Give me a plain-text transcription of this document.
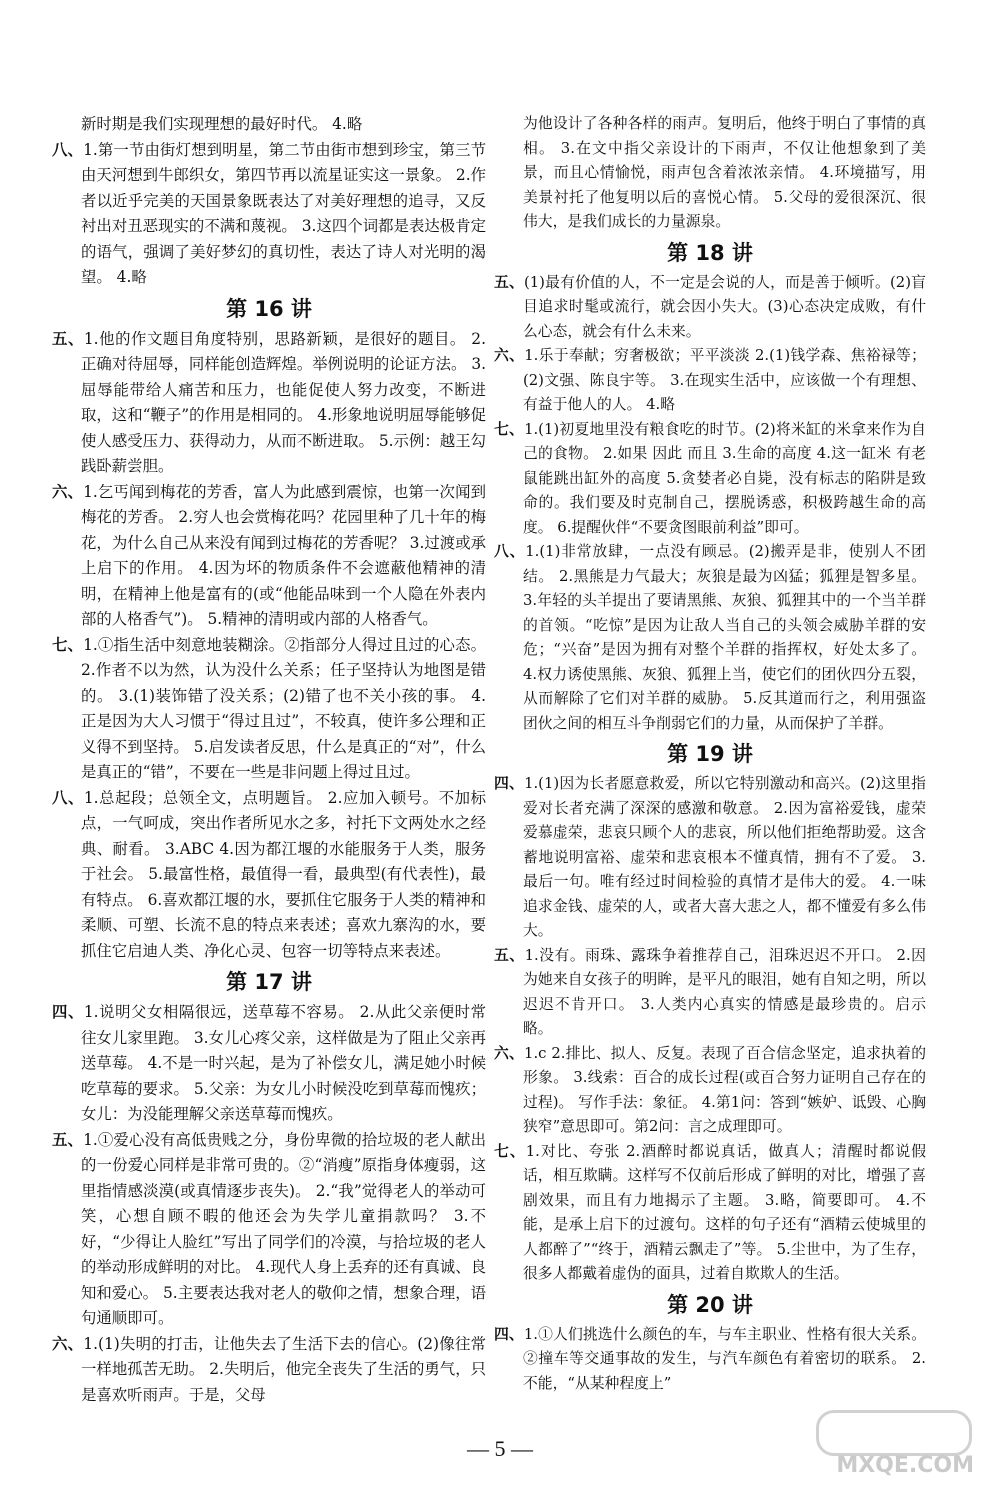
新时期是我们实现理想的最好时代。 4.略

八、1.第一节由街灯想到明星，第二节由街市想到珍宝，第三节由天河想到牛郎织女，第四节再以流星证实这一景象。 2.作者以近乎完美的天国景象既表达了对美好理想的追寻，又反衬出对丑恶现实的不满和蔑视。 3.这四个词都是表达极肯定的语气，强调了美好梦幻的真切性，表达了诗人对光明的渴望。 4.略

第 16 讲

五、1.他的作文题目角度特别，思路新颖，是很好的题目。 2.正确对待屈辱，同样能创造辉煌。举例说明的论证方法。 3.屈辱能带给人痛苦和压力，也能促使人努力改变，不断进取，这和“鞭子”的作用是相同的。 4.形象地说明屈辱能够促使人感受压力、获得动力，从而不断进取。 5.示例：越王勾践卧薪尝胆。

六、1.乞丐闻到梅花的芳香，富人为此感到震惊，也第一次闻到梅花的芳香。 2.穷人也会赏梅花吗？花园里种了几十年的梅花，为什么自己从来没有闻到过梅花的芳香呢？ 3.过渡或承上启下的作用。 4.因为坏的物质条件不会遮蔽他精神的清明，在精神上他是富有的(或“他能品味到一个人隐在外表内部的人格香气”)。 5.精神的清明或内部的人格香气。

七、1.①指生活中刻意地装糊涂。②指部分人得过且过的心态。 2.作者不以为然，认为没什么关系；任子坚持认为地图是错的。 3.(1)装饰错了没关系；(2)错了也不关小孩的事。 4.正是因为大人习惯于“得过且过”，不较真，使许多公理和正义得不到坚持。 5.启发读者反思，什么是真正的“对”，什么是真正的“错”，不要在一些是非问题上得过且过。

八、1.总起段；总领全文，点明题旨。 2.应加入顿号。不加标点，一气呵成，突出作者所见水之多，衬托下文两处水之经典、耐看。 3.ABC 4.因为都江堰的水能服务于人类，服务于社会。 5.最富性格，最值得一看，最典型(有代表性)，最有特点。 6.喜欢都江堰的水，要抓住它服务于人类的精神和柔顺、可塑、长流不息的特点来表述；喜欢九寨沟的水，要抓住它启迪人类、净化心灵、包容一切等特点来表述。

第 17 讲

四、1.说明父女相隔很远，送草莓不容易。 2.从此父亲便时常往女儿家里跑。 3.女儿心疼父亲，这样做是为了阻止父亲再送草莓。 4.不是一时兴起，是为了补偿女儿，满足她小时候吃草莓的要求。 5.父亲：为女儿小时候没吃到草莓而愧疚；女儿：为没能理解父亲送草莓而愧疚。

五、1.①爱心没有高低贵贱之分，身份卑微的拾垃圾的老人献出的一份爱心同样是非常可贵的。②“消瘦”原指身体瘦弱，这里指情感淡漠(或真情逐步丧失)。 2.“我”觉得老人的举动可笑，心想自顾不暇的他还会为失学儿童捐款吗？ 3.不好，“少得让人脸红”写出了同学们的冷漠，与拾垃圾的老人的举动形成鲜明的对比。 4.现代人身上丢弃的还有真诚、良知和爱心。 5.主要表达我对老人的敬仰之情，想象合理，语句通顺即可。

六、1.(1)失明的打击，让他失去了生活下去的信心。(2)像往常一样地孤苦无助。 2.失明后，他完全丧失了生活的勇气，只是喜欢听雨声。于是，父母

为他设计了各种各样的雨声。复明后，他终于明白了事情的真相。 3.在文中指父亲设计的下雨声，不仅让他想象到了美景，而且心情愉悦，雨声包含着浓浓亲情。 4.环境描写，用美景衬托了他复明以后的喜悦心情。 5.父母的爱很深沉、很伟大，是我们成长的力量源泉。

第 18 讲

五、(1)最有价值的人，不一定是会说的人，而是善于倾听。(2)盲目追求时髦或流行，就会因小失大。(3)心态决定成败，有什么心态，就会有什么未来。

六、1.乐于奉献；穷奢极欲；平平淡淡 2.(1)钱学森、焦裕禄等；(2)文强、陈良宇等。 3.在现实生活中，应该做一个有理想、有益于他人的人。 4.略

七、1.(1)初夏地里没有粮食吃的时节。(2)将米缸的米拿来作为自己的食物。 2.如果 因此 而且 3.生命的高度 4.这一缸米 有老鼠能跳出缸外的高度 5.贪婪者必自毙，没有标志的陷阱是致命的。我们要及时克制自己，摆脱诱惑，积极跨越生命的高度。 6.提醒伙伴“不要贪图眼前利益”即可。

八、1.(1)非常放肆，一点没有顾忌。(2)搬弄是非，使别人不团结。 2.黑熊是力气最大；灰狼是最为凶猛；狐狸是智多星。 3.年轻的头羊提出了要请黑熊、灰狼、狐狸其中的一个当羊群的首领。“吃惊”是因为让敌人当自己的头领会威胁羊群的安危；“兴奋”是因为拥有对整个羊群的指挥权，好处太多了。 4.权力诱使黑熊、灰狼、狐狸上当，使它们的团伙四分五裂，从而解除了它们对羊群的威胁。 5.反其道而行之，利用强盗团伙之间的相互斗争削弱它们的力量，从而保护了羊群。

第 19 讲

四、1.(1)因为长者愿意救爱，所以它特别激动和高兴。(2)这里指爱对长者充满了深深的感激和敬意。 2.因为富裕爱钱，虚荣爱慕虚荣，悲哀只顾个人的悲哀，所以他们拒绝帮助爱。这含蓄地说明富裕、虚荣和悲哀根本不懂真情，拥有不了爱。 3.最后一句。唯有经过时间检验的真情才是伟大的爱。 4.一味追求金钱、虚荣的人，或者大喜大悲之人，都不懂爱有多么伟大。

五、1.没有。雨珠、露珠争着推荐自己，泪珠迟迟不开口。 2.因为她来自女孩子的明眸，是平凡的眼泪，她有自知之明，所以迟迟不肯开口。 3.人类内心真实的情感是最珍贵的。启示略。

六、1.c 2.排比、拟人、反复。表现了百合信念坚定，追求执着的形象。 3.线索：百合的成长过程(或百合努力证明自己存在的过程)。 写作手法：象征。 4.第1问：答到“嫉妒、诋毁、心胸狭窄”意思即可。第2问：言之成理即可。

七、1.对比、夸张 2.酒醉时都说真话，做真人；清醒时都说假话，相互欺瞒。这样写不仅前后形成了鲜明的对比，增强了喜剧效果，而且有力地揭示了主题。 3.略，简要即可。 4.不能，是承上启下的过渡句。这样的句子还有“酒精云使城里的人都醉了”“终于，酒精云飘走了”等。 5.尘世中，为了生存，很多人都戴着虚伪的面具，过着自欺欺人的生活。

第 20 讲

四、1.①人们挑选什么颜色的车，与车主职业、性格有很大关系。②撞车等交通事故的发生，与汽车颜色有着密切的联系。 2.不能，“从某种程度上”

— 5 —
MXQE.COM
